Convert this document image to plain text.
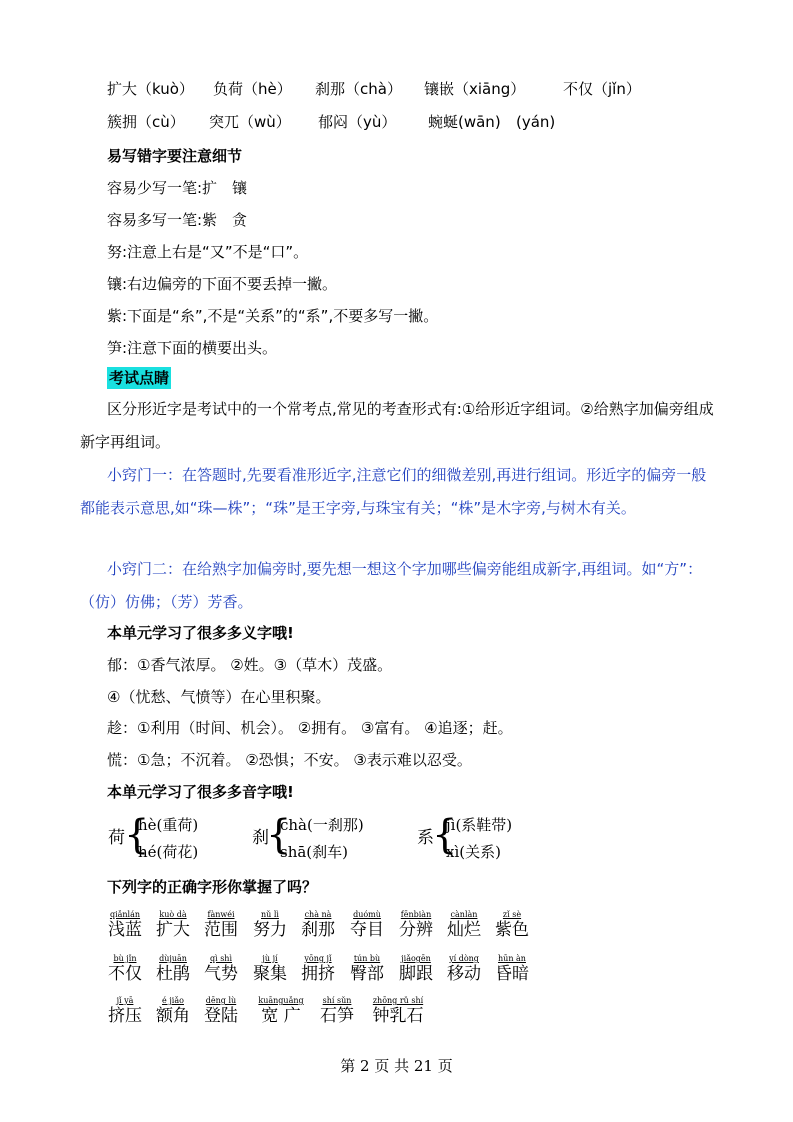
扩大（kuò） 负荷（hè） 刹那（chà） 镶嵌（xiāng）	不仅（jǐn）
簇拥（cù） 突兀（wù） 郁闷（yù） 蜿蜒(wān) (yán)
易写错字要注意细节
容易少写一笔:扩　镶
容易多写一笔:紫　贪
努:注意上右是“又”不是“口”。
镶:右边偏旁的下面不要丢掉一撇。
紫:下面是“糸”,不是“关系”的“系”,不要多写一撇。
笋:注意下面的横要出头。
考试点睛
区分形近字是考试中的一个常考点,常见的考查形式有:①给形近字组词。②给熟字加偏旁组成新字再组词。
小窍门一：在答题时,先要看准形近字,注意它们的细微差别,再进行组词。形近字的偏旁一般都能表示意思,如“珠—株”；“珠”是王字旁,与珠宝有关；“株”是木字旁,与树木有关。
小窍门二：在给熟字加偏旁时,要先想一想这个字加哪些偏旁能组成新字,再组词。如“方”：（仿）仿佛；（芳）芳香。
本单元学习了很多多义字哦!
郁：①香气浓厚。 ②姓。③（草木）茂盛。
④（忧愁、气愤等）在心里积聚。
趁：①利用（时间、机会）。 ②拥有。 ③富有。 ④追逐；赶。
慌：①急；不沉着。 ②恐惧；不安。 ③表示难以忍受。
本单元学习了很多多音字哦!
荷 {
hè(重荷)
hé(荷花)
刹
{
chà(一刹那)
shā(刹车)
系
{
jì(系鞋带)
xì(关系)
下列字的正确字形你掌握了吗？
qiǎnlán
浅蓝
kuò dà
扩大
fànwéi
范围
nǔ lì
努力
chà nà
刹那
duómù
夺目
fēnbiàn
分辨
cànlàn
灿烂
zǐ sè
紫色
bù jǐn
不仅
dùjuān
杜鹃
qì shì
气势
jù jí
聚集
yōng jǐ
拥挤
tún bù
臀部
jiǎogēn
脚跟
yí dòng
移动
hūn àn
昏暗
jǐ yā
挤压
é jiǎo
额角
dēng lù
登陆
kuānguǎng
宽 广
shí sǔn
石笋
zhōng rǔ shí
钟乳石
第 2 页 共 21 页
